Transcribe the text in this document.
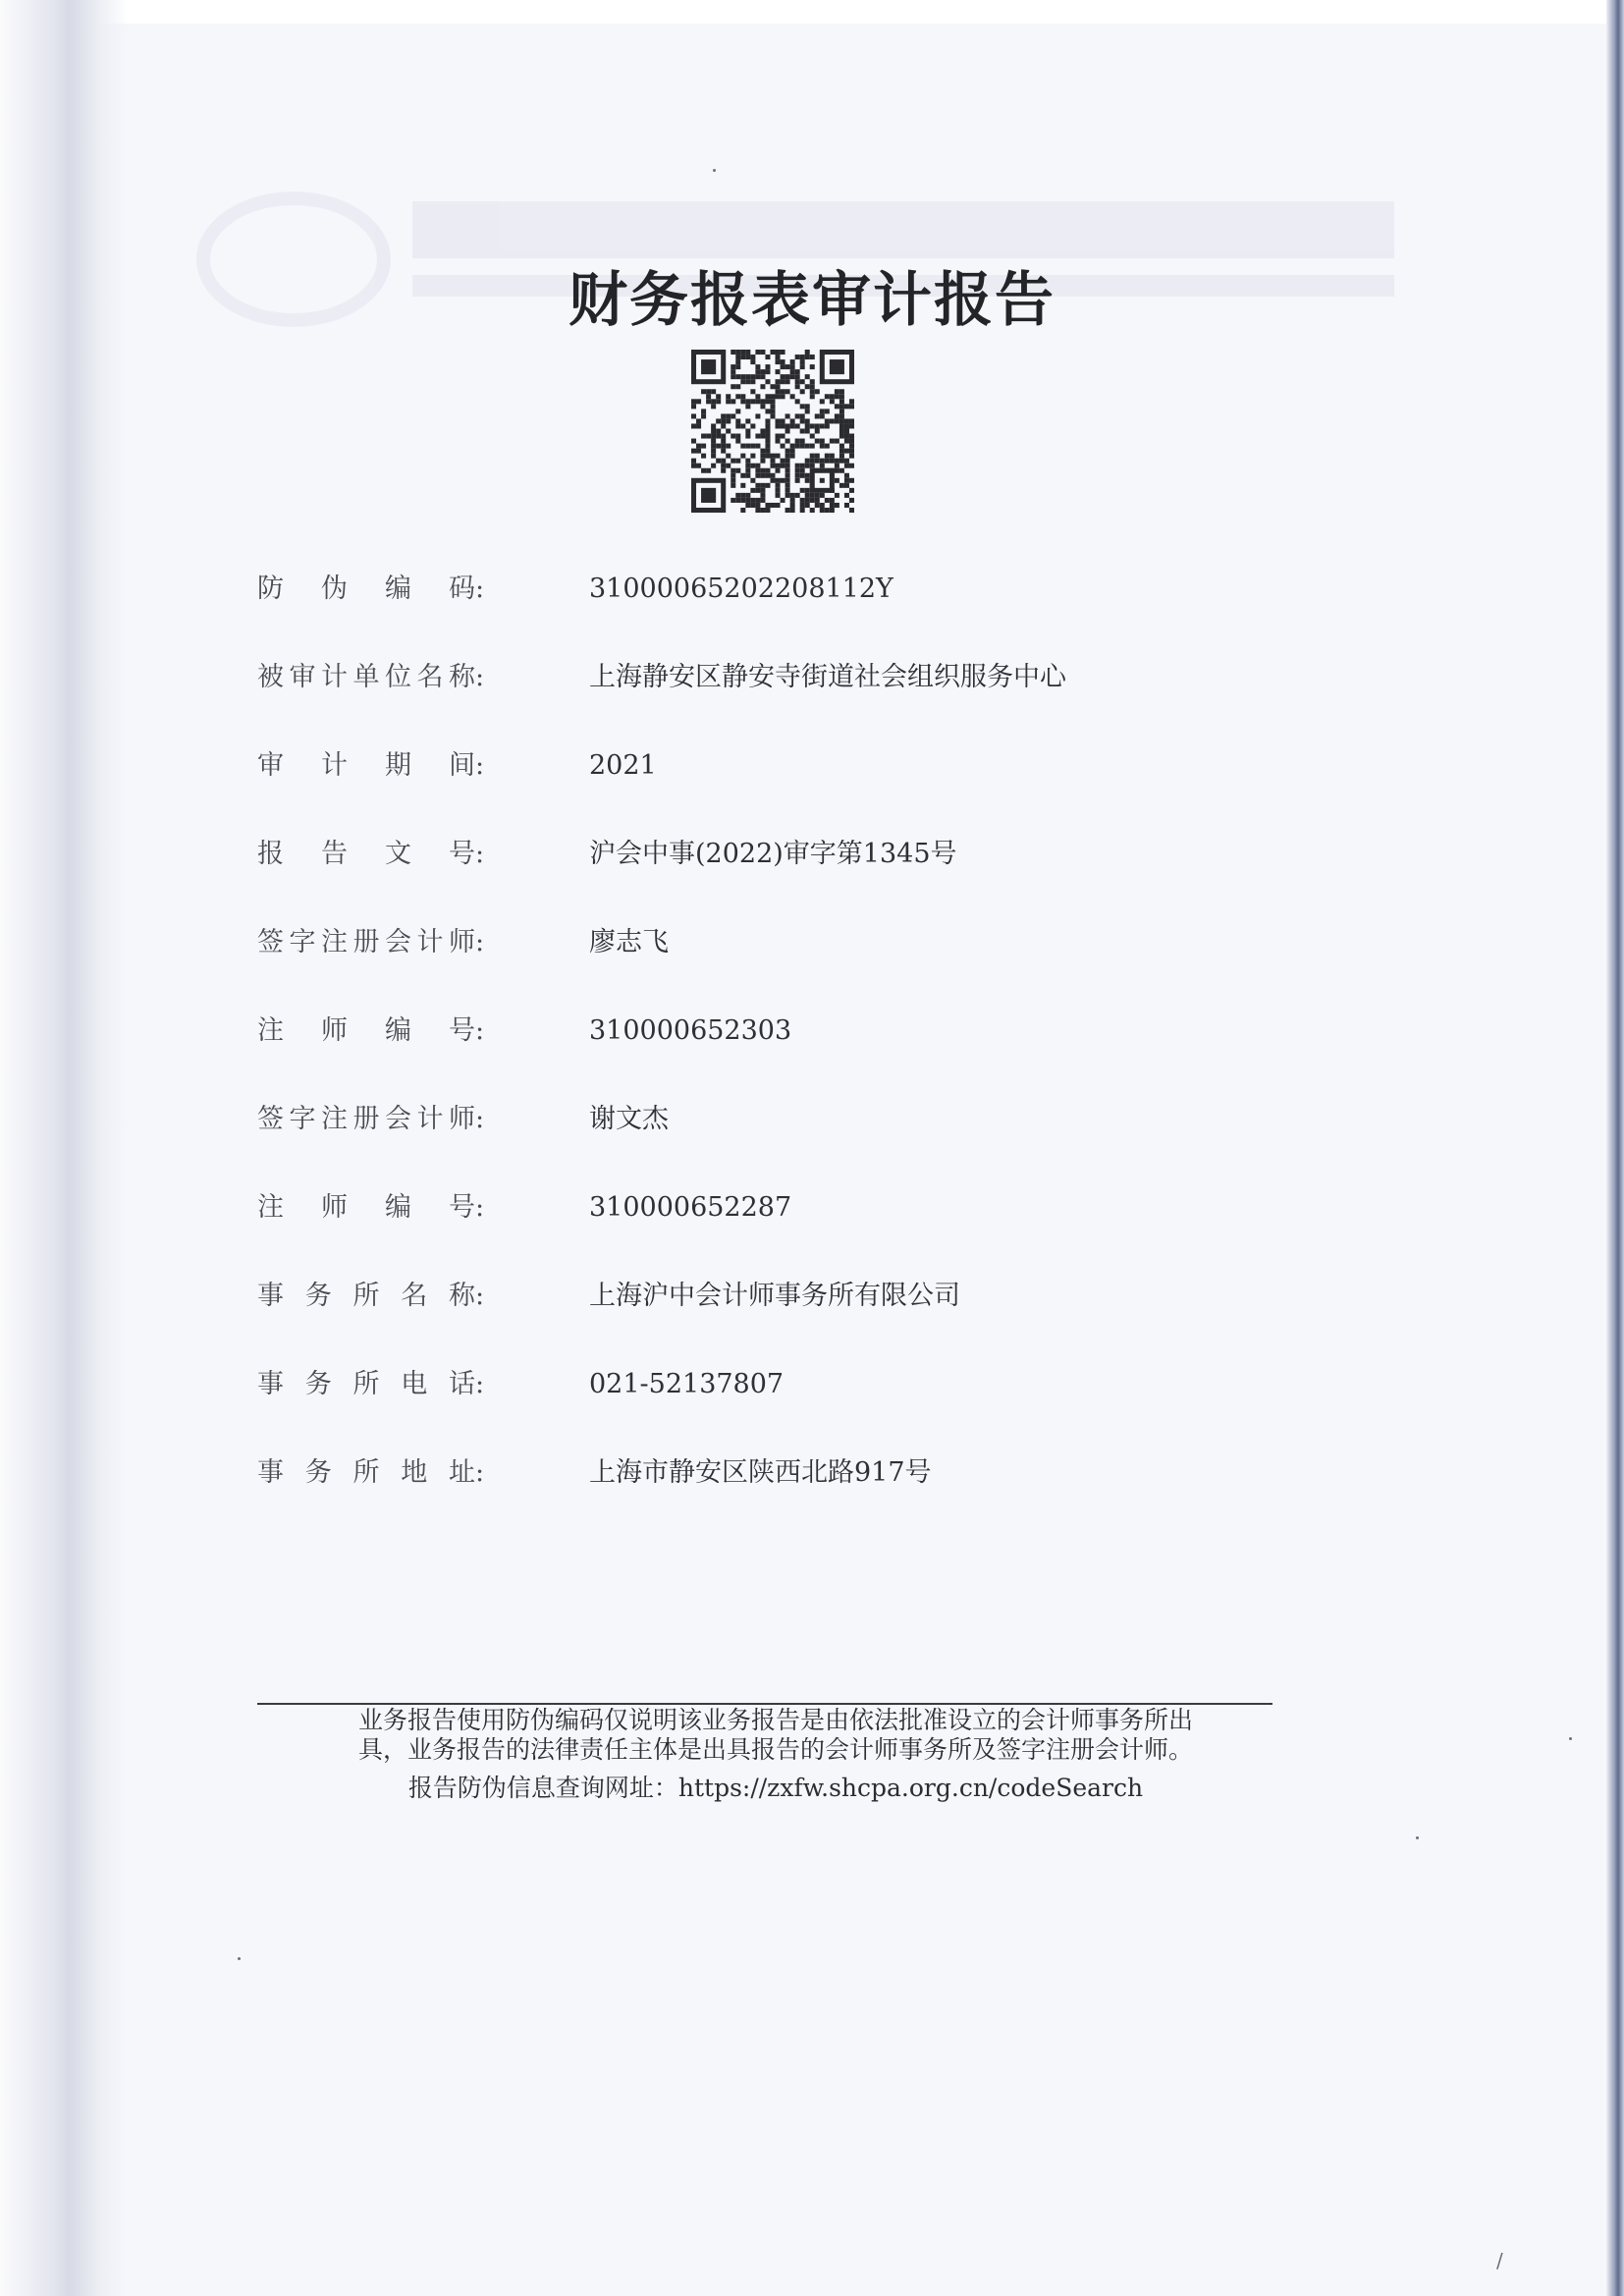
财务报表审计报告
防伪编码 :	3100006520220811​2Y
被审计单位名称 :	上海静安区静安寺街道社会组织服务中心
审计期间 :	2021
报告文号 :	沪会中事(2022)审字第1345号
签字注册会计师 :	廖志飞
注师编号 :	310000652303
签字注册会计师 :	谢文杰
注师编号 :	310000652287
事务所名称 :	上海沪中会计师事务所有限公司
事务所电话 :	021-52137807
事务所地址 :	上海市静安区陕西北路917号
业务报告使用防伪编码仅说明该业务报告是由依法批准设立的会计师事务所出
具，业务报告的法律责任主体是出具报告的会计师事务所及签字注册会计师。
报告防伪信息查询网址：https://zxfw.shcpa.org.cn/codeSearch
/
